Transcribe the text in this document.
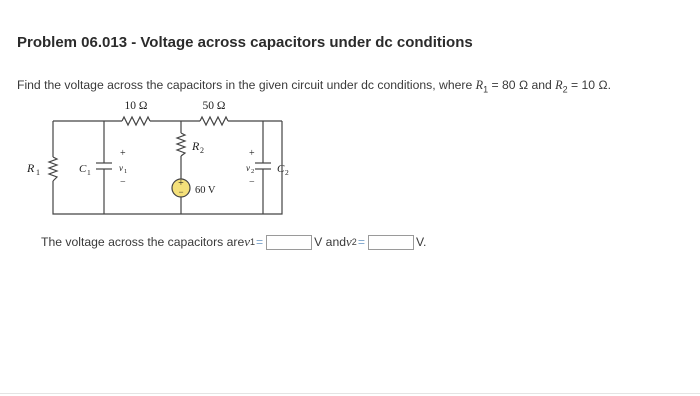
Problem 06.013 - Voltage across capacitors under dc conditions
Find the voltage across the capacitors in the given circuit under dc conditions, where $R_1 = 80$ Ω and $R_2 = 10$ Ω.
+
−
10 Ω	50 Ω
R 1	C 1
+
v 1
−
R 2
60 V
+
v 2
−
C 2
The voltage across the capacitors are v 1 =	V and v 2 =	V.
